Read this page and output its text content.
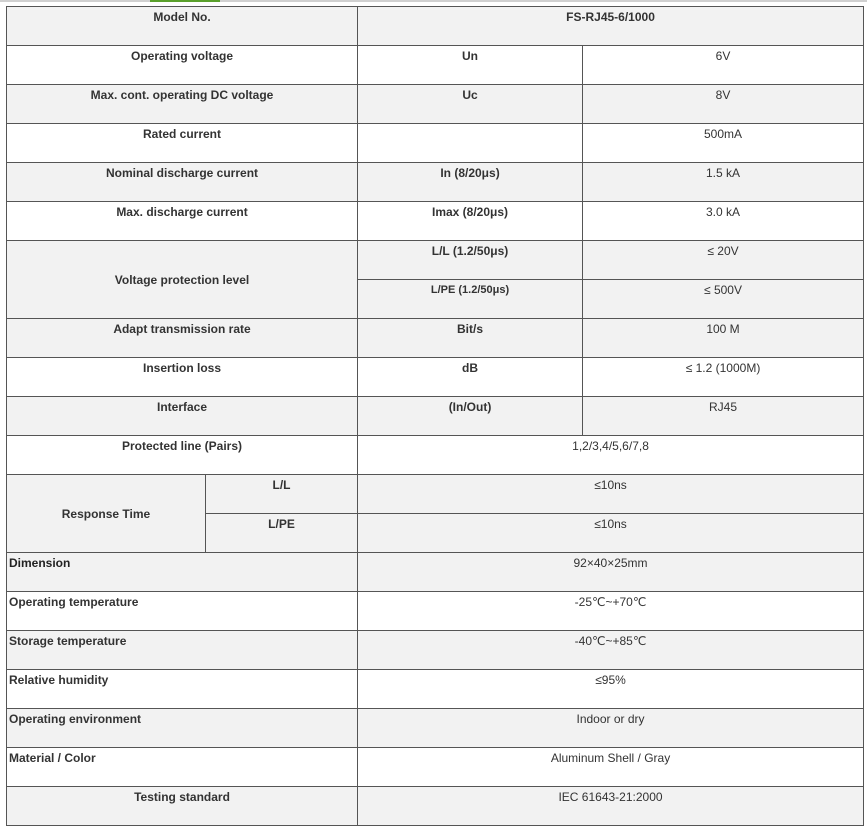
Model No.		FS-RJ45-6/1000	
Operating voltage		Un	6V
Max. cont. operating DC voltage		Uc	8V
Rated current			500mA
Nominal discharge current		In (8/20μs)	1.5 kA
Max. discharge current		Imax (8/20μs)	3.0 kA
Voltage protection level		L/L (1.2/50μs)	≤ 20V
		L/PE (1.2/50μs)	≤ 500V
Adapt transmission rate		Bit/s	100 M
Insertion loss		dB	≤ 1.2 (1000M)
Interface		(In/Out)	RJ45
Protected line (Pairs)		1,2/3,4/5,6/7,8	
Response Time	L/L	≤10ns	
	L/PE	≤10ns	
Dimension		92×40×25mm	
Operating temperature		-25℃~+70℃	
Storage temperature		-40℃~+85℃	
Relative humidity		≤95%	
Operating environment		Indoor or dry	
Material / Color		Aluminum Shell / Gray	
Testing standard		IEC 61643-21:2000	
